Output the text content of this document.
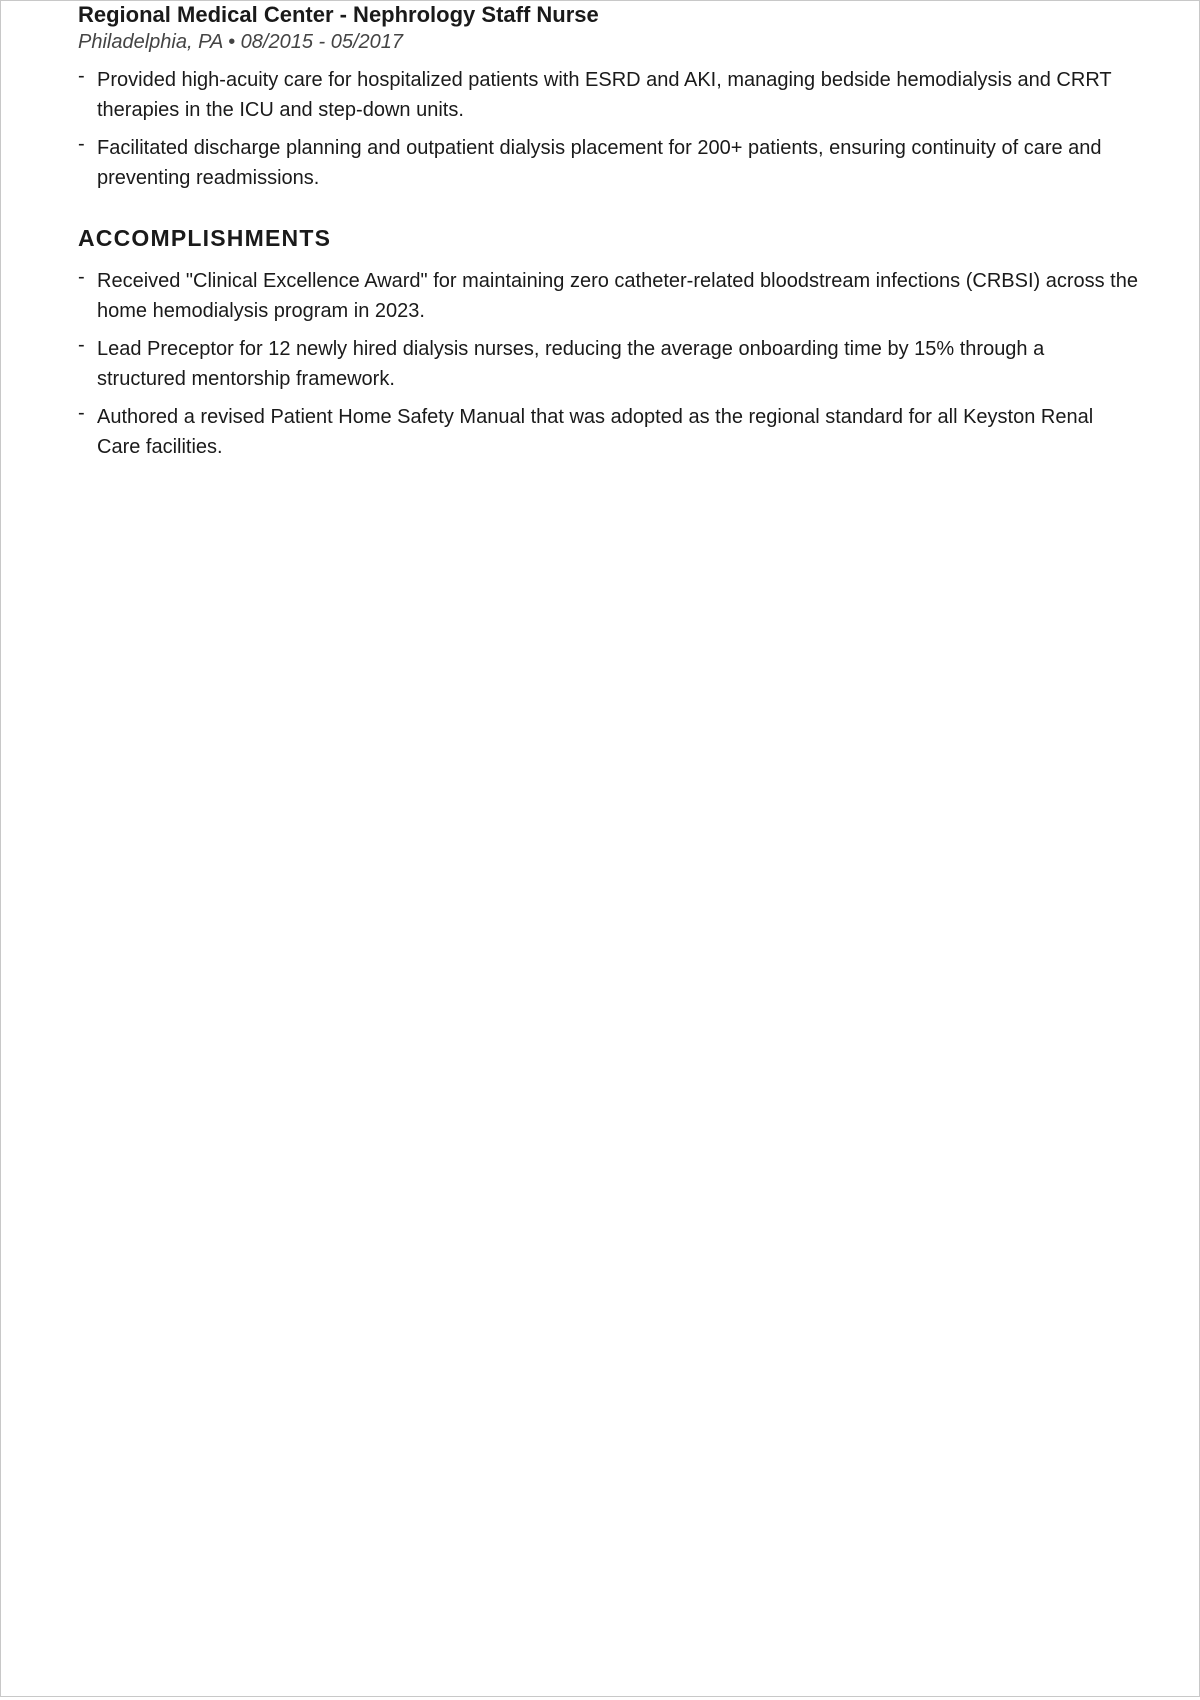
Regional Medical Center - Nephrology Staff Nurse
Philadelphia, PA • 08/2015 - 05/2017
- Provided high-acuity care for hospitalized patients with ESRD and AKI, managing bedside hemodialysis and CRRT therapies in the ICU and step-down units.
- Facilitated discharge planning and outpatient dialysis placement for 200+ patients, ensuring continuity of care and preventing readmissions.
ACCOMPLISHMENTS
- Received "Clinical Excellence Award" for maintaining zero catheter-related bloodstream infections (CRBSI) across the home hemodialysis program in 2023.
- Lead Preceptor for 12 newly hired dialysis nurses, reducing the average onboarding time by 15% through a structured mentorship framework.
- Authored a revised Patient Home Safety Manual that was adopted as the regional standard for all Keyston Renal Care facilities.
